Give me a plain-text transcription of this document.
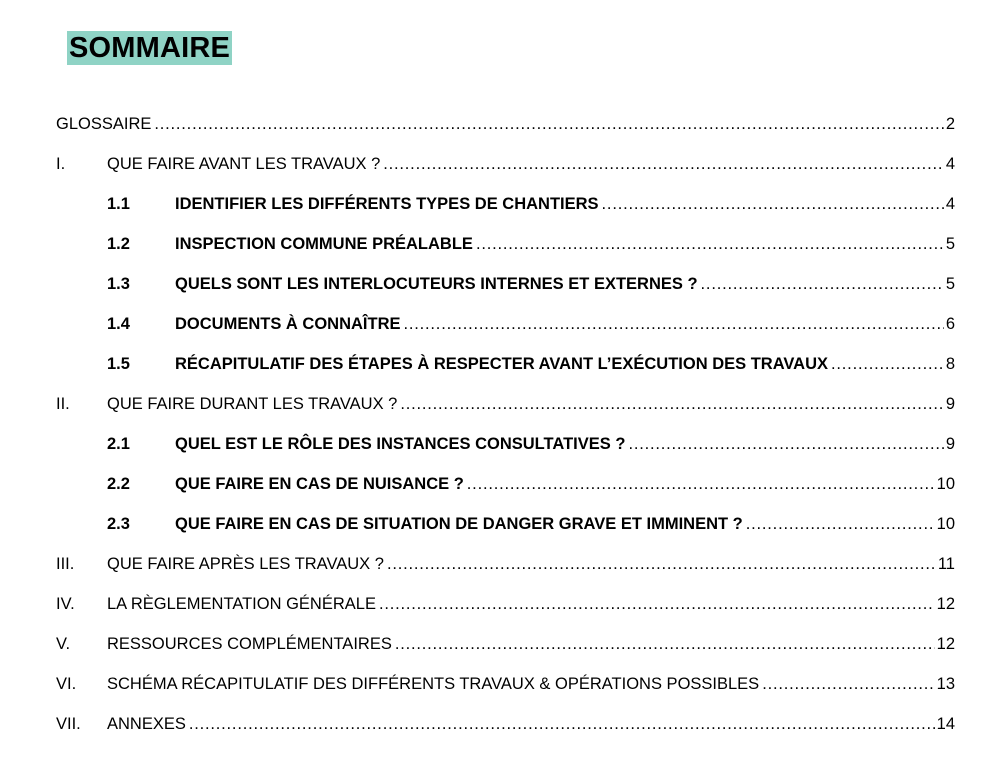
SOMMAIRE
GLOSSAIRE .....	2
I.	QUE FAIRE AVANT LES TRAVAUX ? .....	4
1.1	IDENTIFIER LES DIFFÉRENTS TYPES DE CHANTIERS .....	4
1.2	INSPECTION COMMUNE PRÉALABLE .....	5
1.3	QUELS SONT LES INTERLOCUTEURS INTERNES ET EXTERNES ? .....	5
1.4	DOCUMENTS À CONNAÎTRE .....	6
1.5	RÉCAPITULATIF DES ÉTAPES À RESPECTER AVANT L’EXÉCUTION DES TRAVAUX .....	8
II. QUE FAIRE DURANT LES TRAVAUX ? .....	9
2.1	QUEL EST LE RÔLE DES INSTANCES CONSULTATIVES ? .....	9
2.2	QUE FAIRE EN CAS DE NUISANCE ? .....	10
2.3	QUE FAIRE EN CAS DE SITUATION DE DANGER GRAVE ET IMMINENT ? .....	10
III. QUE FAIRE APRÈS LES TRAVAUX ? .....	11
IV. LA RÈGLEMENTATION GÉNÉRALE .....	12
V. RESSOURCES COMPLÉMENTAIRES .....	12
VI. SCHÉMA RÉCAPITULATIF DES DIFFÉRENTS TRAVAUX & OPÉRATIONS POSSIBLES .....	13
VII. ANNEXES .....	14
